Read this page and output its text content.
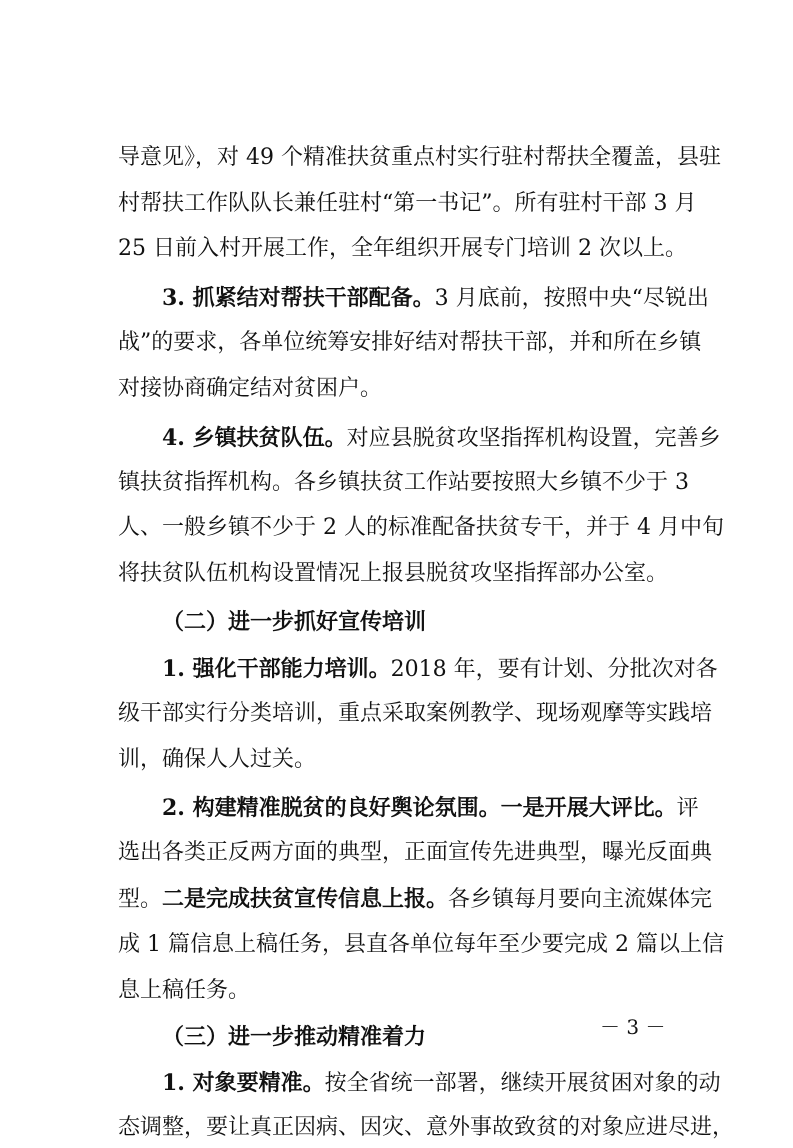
导意见》，对 49 个精准扶贫重点村实行驻村帮扶全覆盖，县驻
村帮扶工作队队长兼任驻村“第一书记”。所有驻村干部 3 月
25 日前入村开展工作，全年组织开展专门培训 2 次以上。
3. 抓紧结对帮扶干部配备。3 月底前，按照中央“尽锐出
战”的要求，各单位统筹安排好结对帮扶干部，并和所在乡镇
对接协商确定结对贫困户。
4. 乡镇扶贫队伍。对应县脱贫攻坚指挥机构设置，完善乡
镇扶贫指挥机构。各乡镇扶贫工作站要按照大乡镇不少于 3
人、一般乡镇不少于 2 人的标准配备扶贫专干，并于 4 月中旬
将扶贫队伍机构设置情况上报县脱贫攻坚指挥部办公室。
（二）进一步抓好宣传培训
1. 强化干部能力培训。2018 年，要有计划、分批次对各
级干部实行分类培训，重点采取案例教学、现场观摩等实践培
训，确保人人过关。
2. 构建精准脱贫的良好舆论氛围。一是开展大评比。评
选出各类正反两方面的典型，正面宣传先进典型，曝光反面典
型。二是完成扶贫宣传信息上报。各乡镇每月要向主流媒体完
成 1 篇信息上稿任务，县直各单位每年至少要完成 2 篇以上信
息上稿任务。
（三）进一步推动精准着力
1. 对象要精准。按全省统一部署，继续开展贫困对象的动
态调整，要让真正因病、因灾、意外事故致贫的对象应进尽进，
－ 3 －
